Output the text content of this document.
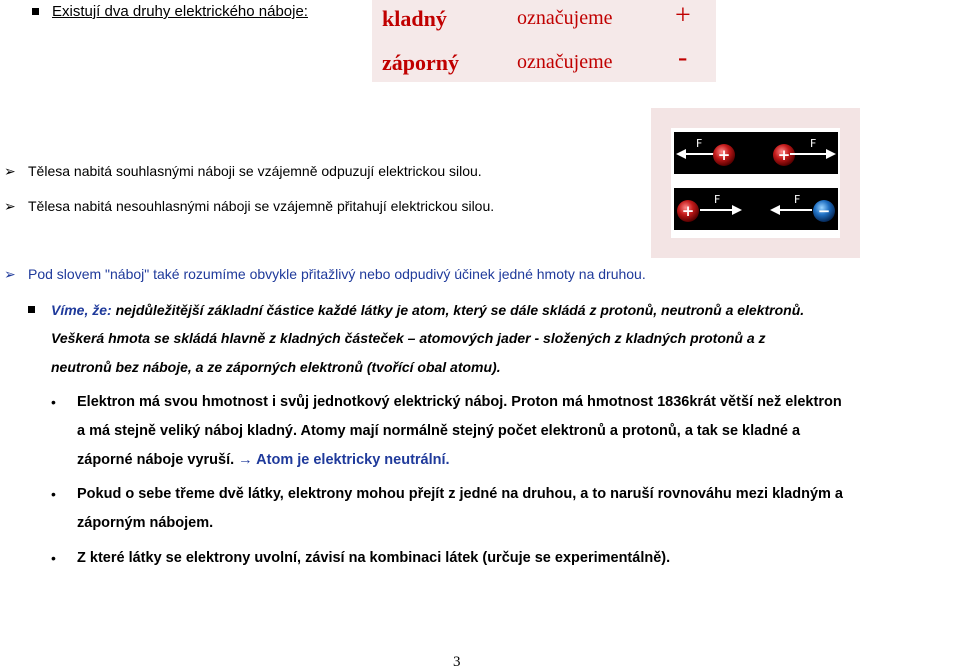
Existují dva druhy elektrického náboje:	kladný	označujeme +
záporný	označujeme -
F
+	+
F
+
F	F
−
➢ Tělesa nabitá souhlasnými náboji se vzájemně odpuzují elektrickou silou.
➢ Tělesa nabitá nesouhlasnými náboji se vzájemně přitahují elektrickou silou.
➢ Pod slovem "náboj" také rozumíme obvykle přitažlivý nebo odpudivý účinek jedné hmoty na druhou.
Víme, že: nejdůležitější základní částice každé látky je atom, který se dále skládá z protonů, neutronů a elektronů.
Veškerá hmota se skládá hlavně z kladných částeček – atomových jader - složených z kladných protonů a z
neutronů bez náboje, a ze záporných elektronů (tvořící obal atomu).
• Elektron má svou hmotnost i svůj jednotkový elektrický náboj. Proton má hmotnost 1836krát větší než elektron
a má stejně veliký náboj kladný. Atomy mají normálně stejný počet elektronů a protonů, a tak se kladné a
záporné náboje vyruší. → Atom je elektricky neutrální.
• Pokud o sebe třeme dvě látky, elektrony mohou přejít z jedné na druhou, a to naruší rovnováhu mezi kladným a
záporným nábojem.
• Z které látky se elektrony uvolní, závisí na kombinaci látek (určuje se experimentálně).
3
